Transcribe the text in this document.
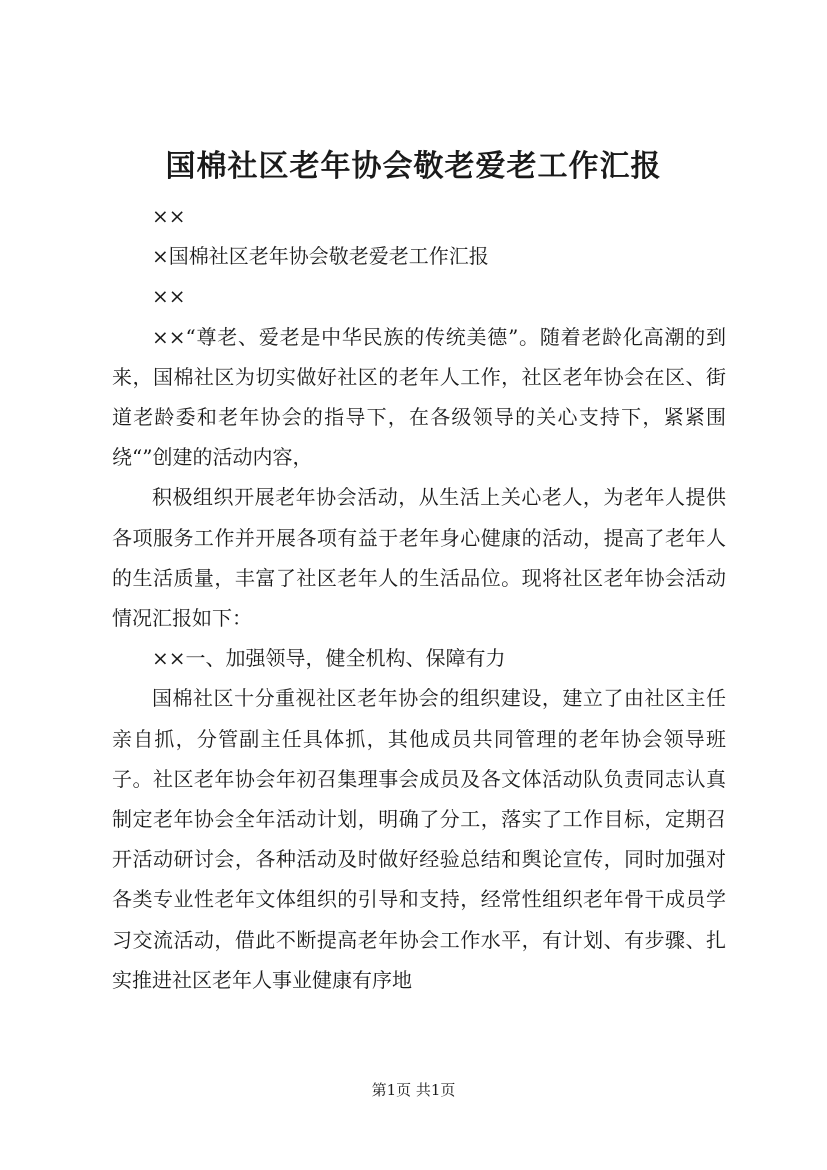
国棉社区老年协会敬老爱老工作汇报

××

×国棉社区老年协会敬老爱老工作汇报

××

××“尊老、爱老是中华民族的传统美德”。随着老龄化高潮的到来，国棉社区为切实做好社区的老年人工作，社区老年协会在区、街道老龄委和老年协会的指导下，在各级领导的关心支持下，紧紧围绕“”创建的活动内容，

积极组织开展老年协会活动，从生活上关心老人，为老年人提供各项服务工作并开展各项有益于老年身心健康的活动，提高了老年人的生活质量，丰富了社区老年人的生活品位。现将社区老年协会活动情况汇报如下：

××一、加强领导，健全机构、保障有力

国棉社区十分重视社区老年协会的组织建设，建立了由社区主任亲自抓，分管副主任具体抓，其他成员共同管理的老年协会领导班子。社区老年协会年初召集理事会成员及各文体活动队负责同志认真制定老年协会全年活动计划，明确了分工，落实了工作目标，定期召开活动研讨会，各种活动及时做好经验总结和舆论宣传，同时加强对各类专业性老年文体组织的引导和支持，经常性组织老年骨干成员学习交流活动，借此不断提高老年协会工作水平，有计划、有步骤、扎实推进社区老年人事业健康有序地

第1页 共1页
